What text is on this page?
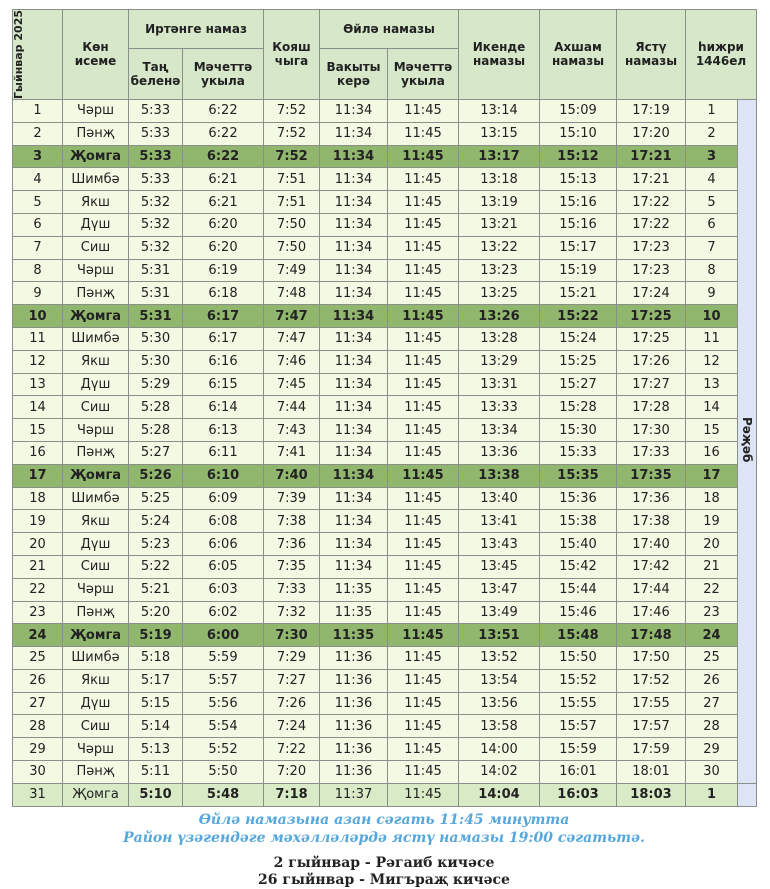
Гыйнвар 2025	Көн исеме	Иртәнге намаз		Кояш чыга	Өйлә намазы		Икенде намазы	Ахшам намазы	Ястү намазы	һижри 1446ел	
		Таң беленә	Мәчеттә укыла		Вакыты керә	Мәчеттә укыла					
1	Чәрш	5:33	6:22	7:52	11:34	11:45	13:14	15:09	17:19	1	Рәҗәб
2	Пәнҗ	5:33	6:22	7:52	11:34	11:45	13:15	15:10	17:20	2	
3	Җомга	5:33	6:22	7:52	11:34	11:45	13:17	15:12	17:21	3	
4	Шимбә	5:33	6:21	7:51	11:34	11:45	13:18	15:13	17:21	4	
5	Якш	5:32	6:21	7:51	11:34	11:45	13:19	15:16	17:22	5	
6	Дүш	5:32	6:20	7:50	11:34	11:45	13:21	15:16	17:22	6	
7	Сиш	5:32	6:20	7:50	11:34	11:45	13:22	15:17	17:23	7	
8	Чәрш	5:31	6:19	7:49	11:34	11:45	13:23	15:19	17:23	8	
9	Пәнҗ	5:31	6:18	7:48	11:34	11:45	13:25	15:21	17:24	9	
10	Җомга	5:31	6:17	7:47	11:34	11:45	13:26	15:22	17:25	10	
11	Шимбә	5:30	6:17	7:47	11:34	11:45	13:28	15:24	17:25	11	
12	Якш	5:30	6:16	7:46	11:34	11:45	13:29	15:25	17:26	12	
13	Дүш	5:29	6:15	7:45	11:34	11:45	13:31	15:27	17:27	13	
14	Сиш	5:28	6:14	7:44	11:34	11:45	13:33	15:28	17:28	14	
15	Чәрш	5:28	6:13	7:43	11:34	11:45	13:34	15:30	17:30	15	
16	Пәнҗ	5:27	6:11	7:41	11:34	11:45	13:36	15:33	17:33	16	
17	Җомга	5:26	6:10	7:40	11:34	11:45	13:38	15:35	17:35	17	
18	Шимбә	5:25	6:09	7:39	11:34	11:45	13:40	15:36	17:36	18	
19	Якш	5:24	6:08	7:38	11:34	11:45	13:41	15:38	17:38	19	
20	Дүш	5:23	6:06	7:36	11:34	11:45	13:43	15:40	17:40	20	
21	Сиш	5:22	6:05	7:35	11:34	11:45	13:45	15:42	17:42	21	
22	Чәрш	5:21	6:03	7:33	11:35	11:45	13:47	15:44	17:44	22	
23	Пәнҗ	5:20	6:02	7:32	11:35	11:45	13:49	15:46	17:46	23	
24	Җомга	5:19	6:00	7:30	11:35	11:45	13:51	15:48	17:48	24	
25	Шимбә	5:18	5:59	7:29	11:36	11:45	13:52	15:50	17:50	25	
26	Якш	5:17	5:57	7:27	11:36	11:45	13:54	15:52	17:52	26	
27	Дүш	5:15	5:56	7:26	11:36	11:45	13:56	15:55	17:55	27	
28	Сиш	5:14	5:54	7:24	11:36	11:45	13:58	15:57	17:57	28	
29	Чәрш	5:13	5:52	7:22	11:36	11:45	14:00	15:59	17:59	29	
30	Пәнҗ	5:11	5:50	7:20	11:36	11:45	14:02	16:01	18:01	30	
31	Җомга	5:10	5:48	7:18	11:37	11:45	14:04	16:03	18:03	1	
Өйлә намазына азан сәгать 11:45 минутта
Район үзәгендәге мәхәлләләрдә ястү намазы 19:00 сәгатьтә.
2 гыйнвар - Рәгаиб кичәсе
26 гыйнвар - Мигъраҗ кичәсе
